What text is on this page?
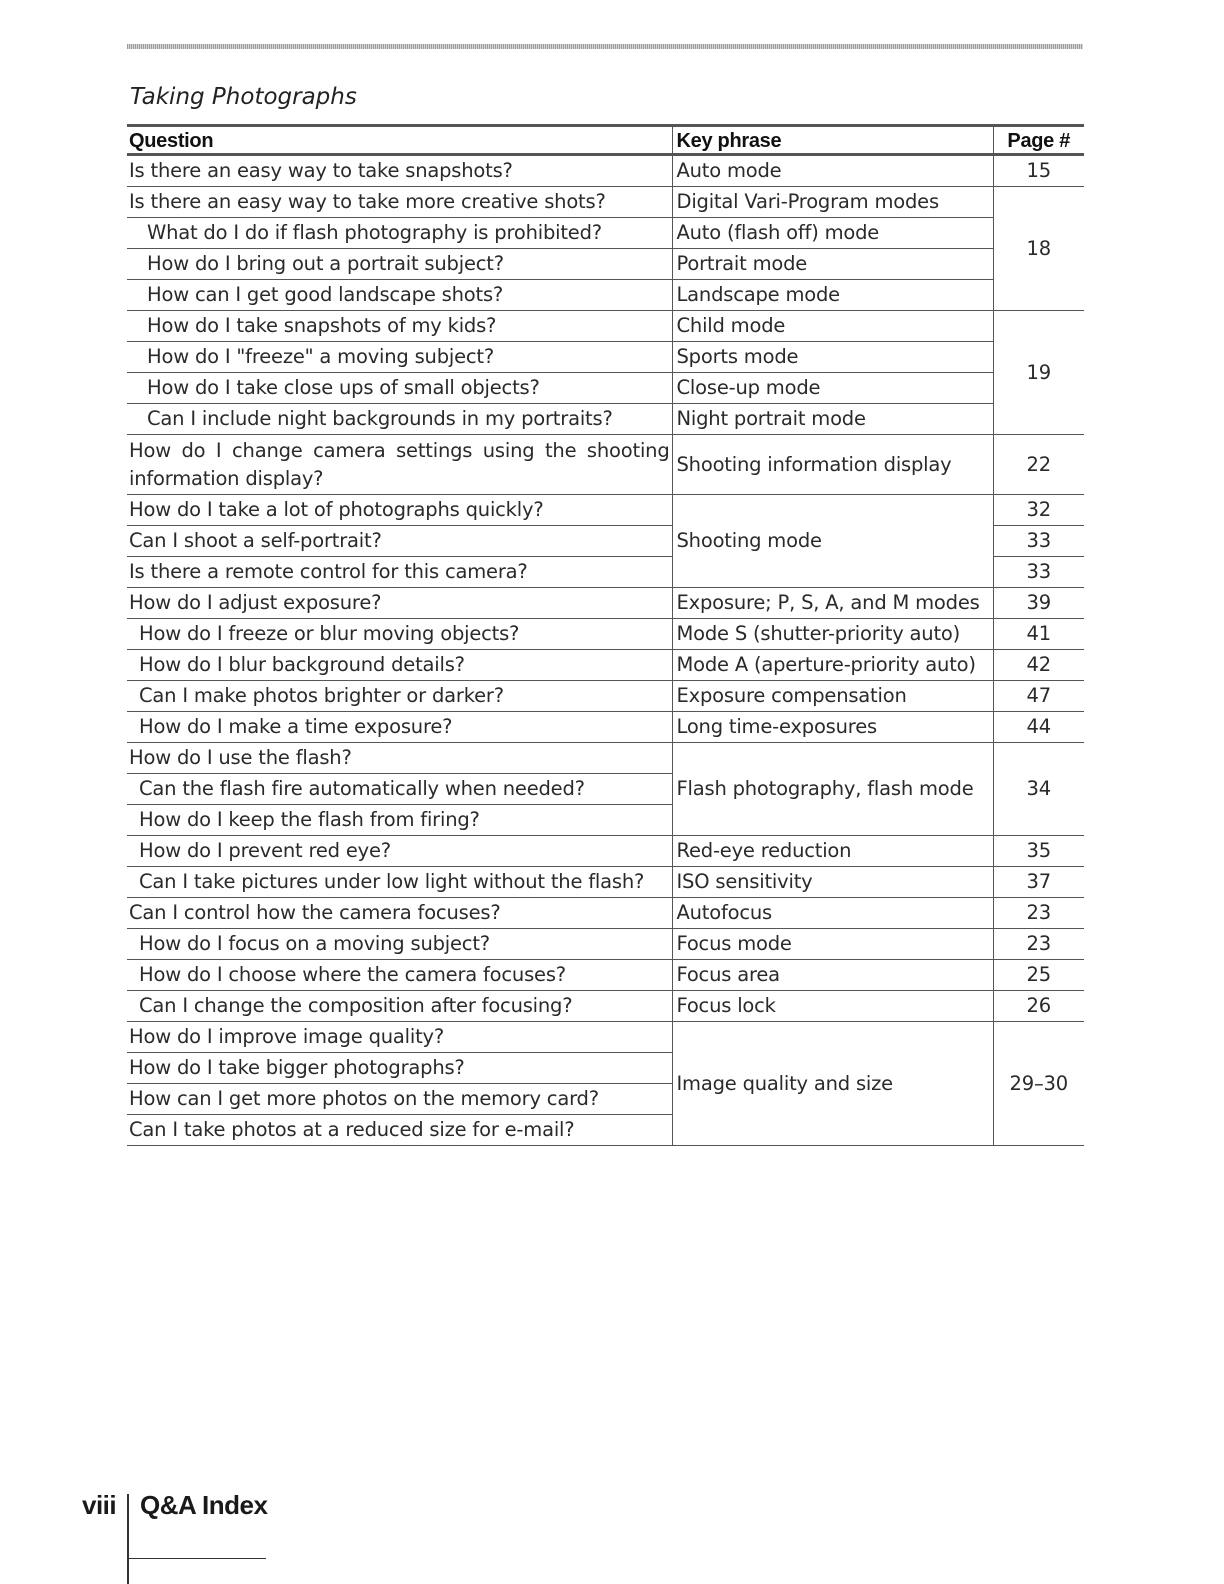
Taking Photographs
Question	Key phrase	Page #
Is there an easy way to take snapshots?	Auto mode	15
Is there an easy way to take more creative shots?	Digital Vari-Program modes	18
What do I do if flash photography is prohibited?	Auto (flash off) mode	
How do I bring out a portrait subject?	Portrait mode	
How can I get good landscape shots?	Landscape mode	
How do I take snapshots of my kids?	Child mode	19
How do I "freeze" a moving subject?	Sports mode	
How do I take close ups of small objects?	Close-up mode	
Can I include night backgrounds in my portraits?	Night portrait mode	
How do I change camera settings using the shooting information display?	Shooting information display	22
How do I take a lot of photographs quickly?	Shooting mode	32
Can I shoot a self-portrait?		33
Is there a remote control for this camera?		33
How do I adjust exposure?	Exposure; P, S, A, and M modes	39
How do I freeze or blur moving objects?	Mode S (shutter-priority auto)	41
How do I blur background details?	Mode A (aperture-priority auto)	42
Can I make photos brighter or darker?	Exposure compensation	47
How do I make a time exposure?	Long time-exposures	44
How do I use the flash?	Flash photography, flash mode	34
Can the flash fire automatically when needed?		
How do I keep the flash from firing?		
How do I prevent red eye?	Red-eye reduction	35
Can I take pictures under low light without the flash?	ISO sensitivity	37
Can I control how the camera focuses?	Autofocus	23
How do I focus on a moving subject?	Focus mode	23
How do I choose where the camera focuses?	Focus area	25
Can I change the composition after focusing?	Focus lock	26
How do I improve image quality?	Image quality and size	29–30
How do I take bigger photographs?		
How can I get more photos on the memory card?		
Can I take photos at a reduced size for e-mail?		
viii Q&A Index
